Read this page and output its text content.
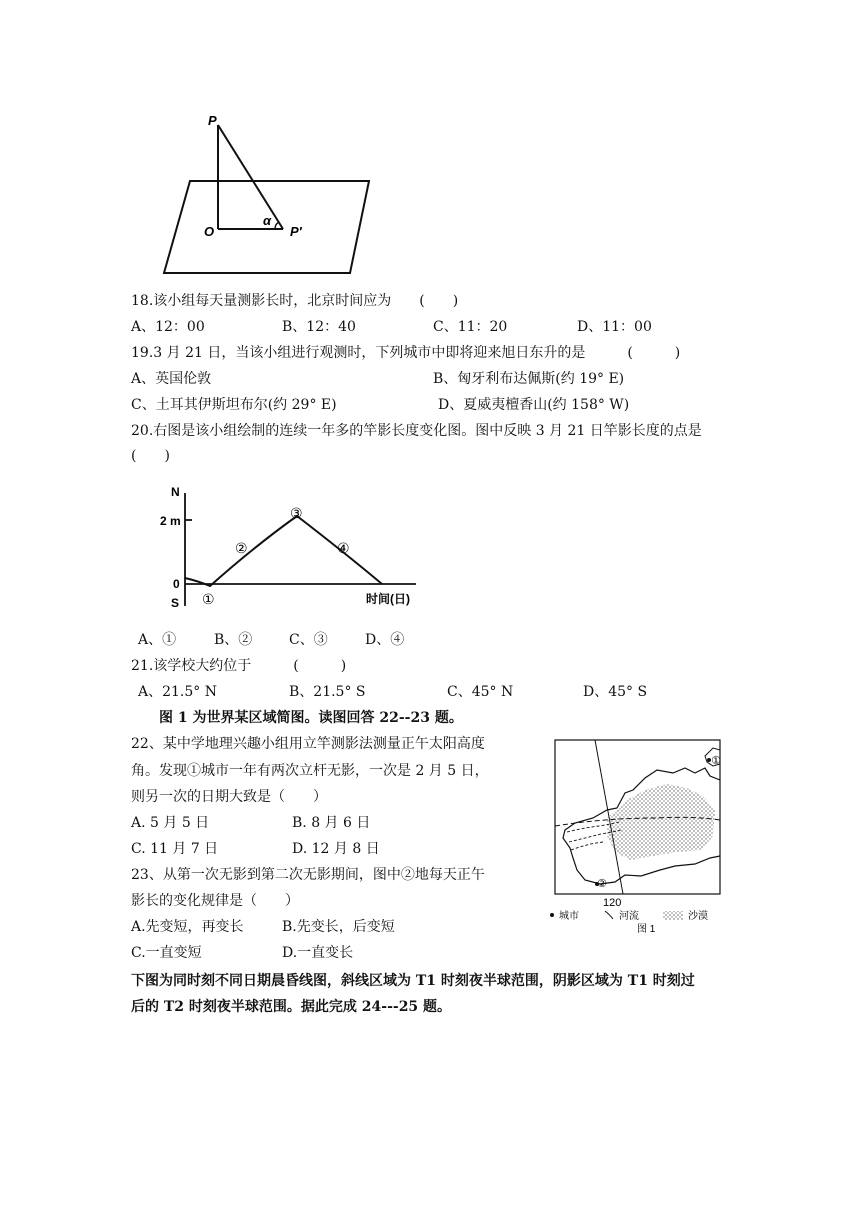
P
O
α
P′
18.该小组每天量测影长时，北京时间应为　　(　　)
A、12：00	B、12：40	C、11：20	D、11：00
19.3 月 21 日，当该小组进行观测时，下列城市中即将迎来旭日东升的是　　　(　　　)
A、英国伦敦	B、匈牙利布达佩斯(约 19° E)
C、土耳其伊斯坦布尔(约 29° E)	D、夏威夷檀香山(约 158° W)
20.右图是该小组绘制的连续一年多的竿影长度变化图。图中反映 3 月 21 日竿影长度的点是
(　　)
N
2 m
0
S	时间(日)
①
②
③
④
A、①	B、②	C、③	D、④
21.该学校大约位于　　　(　　　)
A、21.5° N	B、21.5° S	C、45° N	D、45° S
图 1 为世界某区域简图。读图回答 22--23 题。
22、某中学地理兴趣小组用立竿测影法测量正午太阳高度
角。发现①城市一年有两次立杆无影，一次是 2 月 5 日，
则另一次的日期大致是（　　）
A. 5 月 5 日	B. 8 月 6 日
C. 11 月 7 日	D. 12 月 8 日
23、从第一次无影到第二次无影期间，图中②地每天正午
影长的变化规律是（　　）
A.先变短，再变长	B.先变长，后变短
C.一直变短	D.一直变长
①
②
120
城市	河流	沙漠
图 1
下图为同时刻不同日期晨昏线图，斜线区域为 T1 时刻夜半球范围，阴影区域为 T1 时刻过
后的 T2 时刻夜半球范围。据此完成 24---25 题。
